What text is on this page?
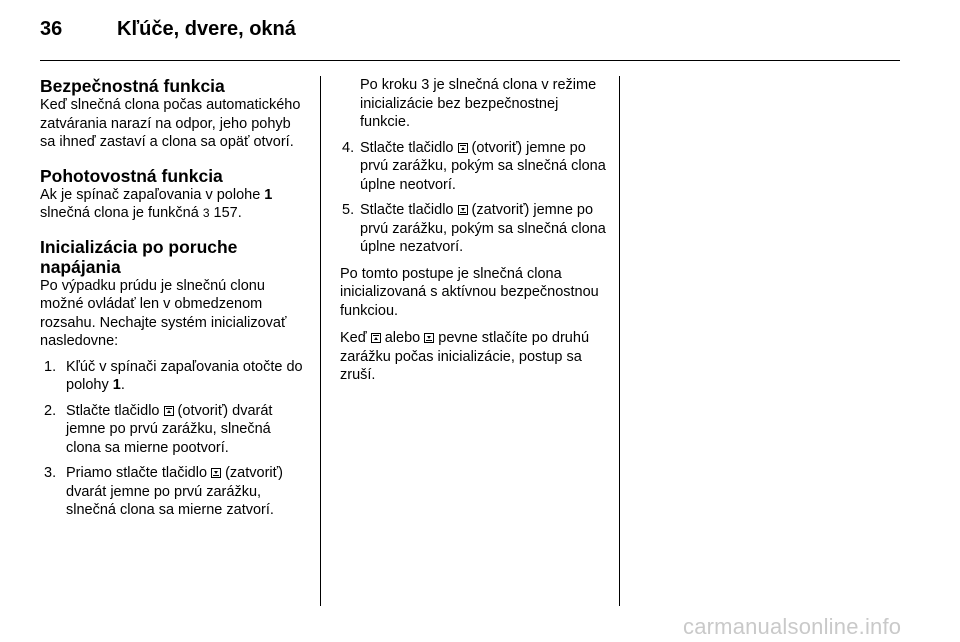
36	Kľúče, dvere, okná
Bezpečnostná funkcia

Keď slnečná clona počas automatického zatvárania narazí na odpor, jeho pohyb sa ihneď zastaví a clona sa opäť otvorí.

Pohotovostná funkcia

Ak je spínač zapaľovania v polohe 1 slnečná clona je funkčná 3 157.

Inicializácia po poruche napájania

Po výpadku prúdu je slnečnú clonu možné ovládať len v obmedzenom rozsahu. Nechajte systém inicializovať nasledovne:

1. Kľúč v spínači zapaľovania otočte do polohy 1.
2. Stlačte tlačidlo  (otvoriť) dvarát jemne po prvú zarážku, slnečná clona sa mierne pootvorí.
3. Priamo stlačte tlačidlo  (zatvoriť) dvarát jemne po prvú zarážku, slnečná clona sa mierne zatvorí.

Po kroku 3 je slnečná clona v režime inicializácie bez bezpečnostnej funkcie.

4. Stlačte tlačidlo  (otvoriť) jemne po prvú zarážku, pokým sa slnečná clona úplne neotvorí.
5. Stlačte tlačidlo  (zatvoriť) jemne po prvú zarážku, pokým sa slnečná clona úplne nezatvorí.

Po tomto postupe je slnečná clona inicializovaná s aktívnou bezpečnostnou funkciou.

Keď  alebo  pevne stlačíte po druhú zarážku počas inicializácie, postup sa zruší.

carmanualsonline.info
